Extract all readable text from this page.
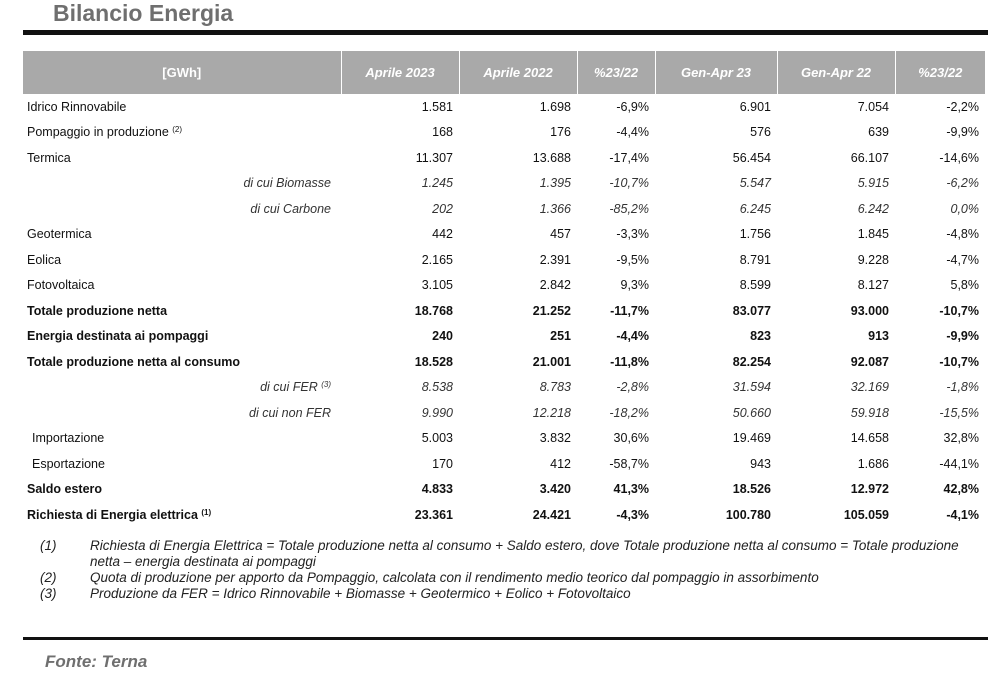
Bilancio Energia
[GWh]	Aprile 2023	Aprile 2022	%23/22	Gen-Apr 23	Gen-Apr 22	%23/22
Idrico Rinnovabile	1.581	1.698	-6,9%	6.901	7.054	-2,2%
Pompaggio in produzione $^{(2)}$	168	176	-4,4%	576	639	-9,9%
Termica	11.307	13.688	-17,4%	56.454	66.107	-14,6%
di cui Biomasse	1.245	1.395	-10,7%	5.547	5.915	-6,2%
di cui Carbone	202	1.366	-85,2%	6.245	6.242	0,0%
Geotermica	442	457	-3,3%	1.756	1.845	-4,8%
Eolica	2.165	2.391	-9,5%	8.791	9.228	-4,7%
Fotovoltaica	3.105	2.842	9,3%	8.599	8.127	5,8%
Totale produzione netta	18.768	21.252	-11,7%	83.077	93.000	-10,7%
Energia destinata ai pompaggi	240	251	-4,4%	823	913	-9,9%
Totale produzione netta al consumo	18.528	21.001	-11,8%	82.254	92.087	-10,7%
di cui FER $^{(3)}$	8.538	8.783	-2,8%	31.594	32.169	-1,8%
di cui non FER	9.990	12.218	-18,2%	50.660	59.918	-15,5%
Importazione	5.003	3.832	30,6%	19.469	14.658	32,8%
Esportazione	170	412	-58,7%	943	1.686	-44,1%
Saldo estero	4.833	3.420	41,3%	18.526	12.972	42,8%
Richiesta di Energia elettrica $^{(1)}$	23.361	24.421	-4,3%	100.780	105.059	-4,1%
(1)	Richiesta di Energia Elettrica = Totale produzione netta al consumo + Saldo estero, dove Totale produzione netta al consumo = Totale produzione netta – energia destinata ai pompaggi
(2)	Quota di produzione per apporto da Pompaggio, calcolata con il rendimento medio teorico dal pompaggio in assorbimento
(3)	Produzione da FER = Idrico Rinnovabile + Biomasse + Geotermico + Eolico + Fotovoltaico
Fonte: Terna
